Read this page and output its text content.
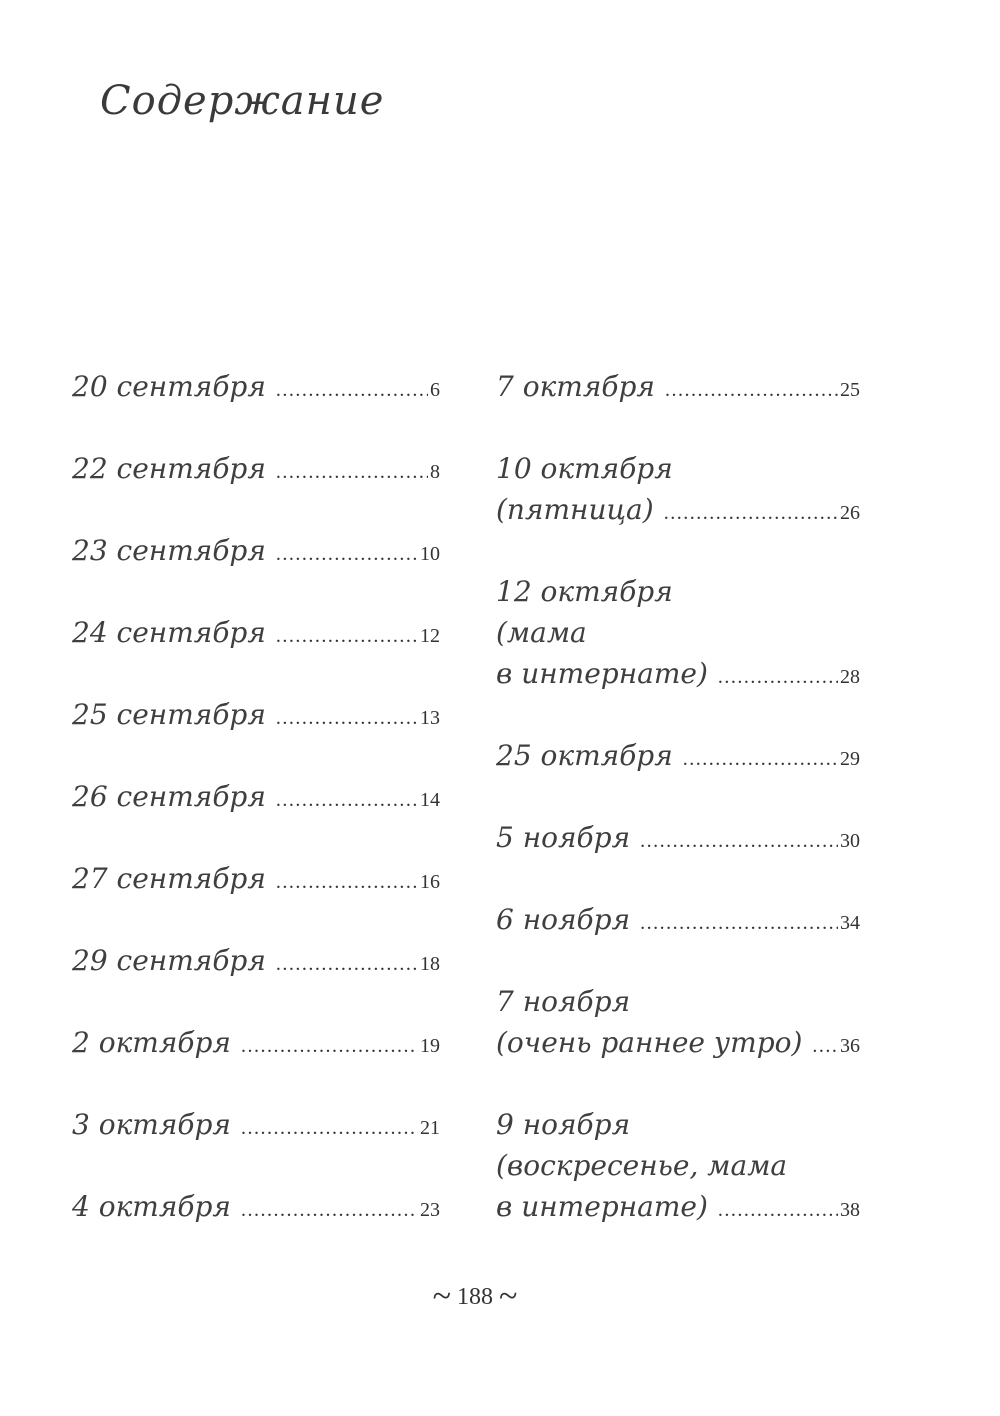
Содержание
20 сентября .....	6
22 сентября .....	8
23 сентября .....	10
24 сентября .....	12
25 сентября .....	13
26 сентября .....	14
27 сентября .....	16
29 сентября .....	18
2 октября .....	19
3 октября .....	21
4 октября .....	23
7 октября .....	25
10 октября
(пятница) .....	26
12 октября
(мама
в интернате) .....	28
25 октября .....	29
5 ноября .....	30
6 ноября .....	34
7 ноября
(очень раннее утро) ..... 36
9 ноября
(воскресенье, мама
в интернате) .....	38
~ 188 ~
